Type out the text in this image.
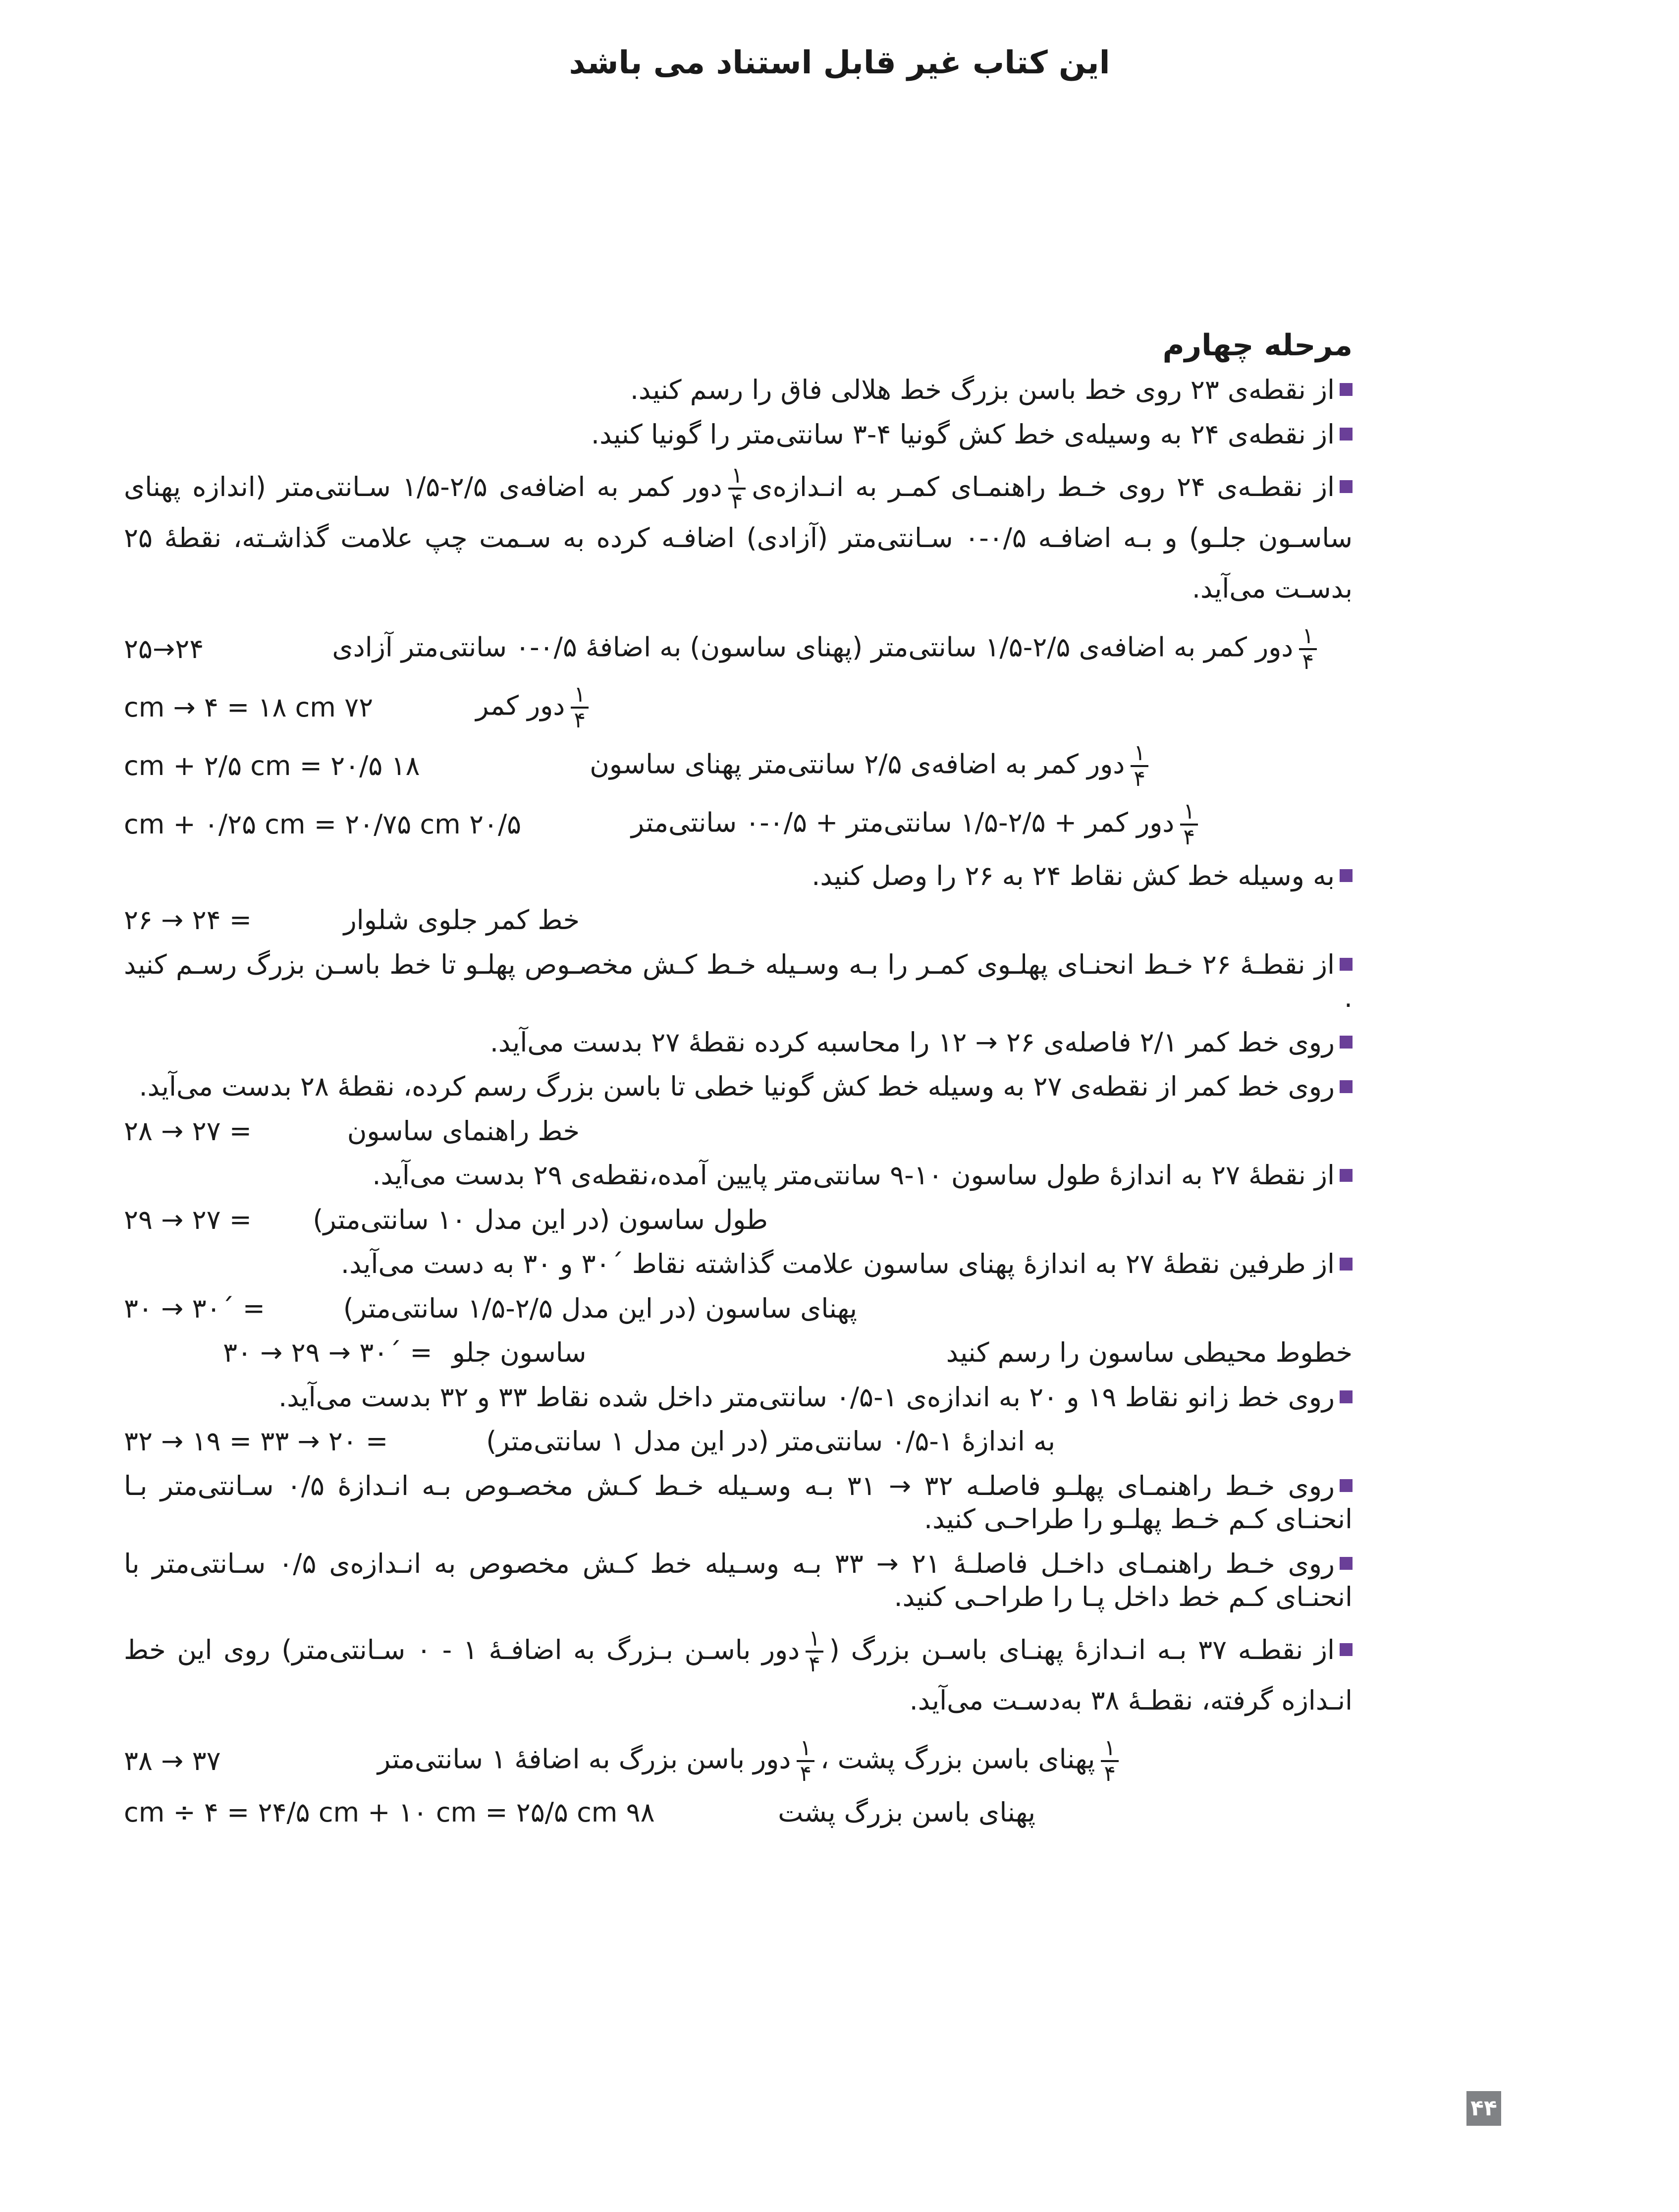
این کتاب غیر قابل استناد می باشد
مرحله چهارم

از نقطه‌ی ۲۳ روی خط باسن بزرگ خط هلالی فاق را رسم کنید.

از نقطه‌ی ۲۴ به وسیله‌ی خط کش گونیا ۴-۳ سانتی‌متر را گونیا کنید.

از نقطـه‌ی ۲۴ روی خـط راهنمـای کمـر به انـدازه‌ی
$\frac{۱}{۴}$
دور کمر به اضافه‌ی ۲/۵-۱/۵ سـانتی‌متر (اندازه پهنای ساسـون جلـو) و بـه اضافـه ۰/۵-۰ سـانتی‌متر (آزادی) اضافـه کرده به سـمت چپ علامت گذاشـته، نقطهٔ ۲۵ بدسـت می‌آید.

$\frac{۱}{۴}$
دور کمر به اضافه‌ی ۲/۵-۱/۵ سانتی‌متر (پهنای ساسون) به اضافهٔ ۰/۵-۰ سانتی‌متر آزادی
۲۴→۲۵
$\frac{۱}{۴}$
دور کمر
۷۲ cm → ۴ = ۱۸ cm
$\frac{۱}{۴}$
دور کمر به اضافه‌ی ۲/۵ سانتی‌متر پهنای ساسون
۱۸ cm + ۲/۵ cm = ۲۰/۵
$\frac{۱}{۴}$
دور کمر + ۲/۵-۱/۵ سانتی‌متر + ۰/۵-۰ سانتی‌متر
۲۰/۵ cm + ۰/۲۵ cm = ۲۰/۷۵ cm

به وسیله خط کش نقاط ۲۴ به ۲۶ را وصل کنید.

خط کمر جلوی شلوار
= ۲۴ → ۲۶

از نقطـهٔ ۲۶ خـط انحنـای پهلـوی کمـر را بـه وسـیله خـط کـش مخصـوص پهلـو تا خط باسـن بزرگ رسـم کنید .

روی خط کمر ۲/۱ فاصله‌ی ۲۶ → ۱۲ را محاسبه کرده نقطهٔ ۲۷ بدست می‌آید.

روی خط کمر از نقطه‌ی ۲۷ به وسیله خط کش گونیا خطی تا باسن بزرگ رسم کرده، نقطهٔ ۲۸ بدست می‌آید.

خط راهنمای ساسون
= ۲۷ → ۲۸

از نقطهٔ ۲۷ به اندازهٔ طول ساسون ۱۰-۹ سانتی‌متر پایین آمده،نقطه‌ی ۲۹ بدست می‌آید.

طول ساسون (در این مدل ۱۰ سانتی‌متر)
= ۲۷ → ۲۹

از طرفین نقطهٔ ۲۷ به اندازهٔ پهنای ساسون علامت گذاشته نقاط ´۳۰ و ۳۰ به دست می‌آید.

پهنای ساسون (در این مدل ۲/۵-۱/۵ سانتی‌متر)
= ´۳۰ → ۳۰
خطوط محیطی ساسون را رسم کنید
ساسون جلو
= ´۳۰ → ۲۹ → ۳۰

روی خط زانو نقاط ۱۹ و ۲۰ به اندازه‌ی ۱-۰/۵ سانتی‌متر داخل شده نقاط ۳۳ و ۳۲ بدست می‌آید.

به اندازهٔ ۱-۰/۵ سانتی‌متر (در این مدل ۱ سانتی‌متر)
= ۲۰ → ۳۳ = ۱۹ → ۳۲

روی خـط راهنمـای پهلـو فاصلـه ۳۲ → ۳۱ بـه وسـیله خـط کـش مخصـوص بـه انـدازهٔ ۰/۵ سـانتی‌متر بـا انحنـای کـم خـط پهلـو را طراحـی کنید.

روی خـط راهنمـای داخـل فاصلـهٔ ۲۱ → ۳۳ بـه وسـیله خط کـش مخصوص به انـدازه‌ی ۰/۵ سـانتی‌متر با انحنـای کـم خط داخل پـا را طراحـی کنید.

از نقطـه ۳۷ بـه انـدازهٔ پهنـای باسـن بزرگ (
$\frac{۱}{۴}$
دور باسـن بـزرگ به اضافـهٔ ۱ - ۰ سـانتی‌متر) روی این خط انـدازه گرفته، نقطـهٔ ۳۸ به‌دسـت می‌آید.

$\frac{۱}{۴}$
پهنای باسن بزرگ پشت ،
$\frac{۱}{۴}$
دور باسن بزرگ به اضافهٔ ۱ سانتی‌متر
۳۷ → ۳۸
پهنای باسن بزرگ پشت
۹۸ cm ÷ ۴ = ۲۴/۵ cm + ۱۰ cm = ۲۵/۵ cm
۴۴
